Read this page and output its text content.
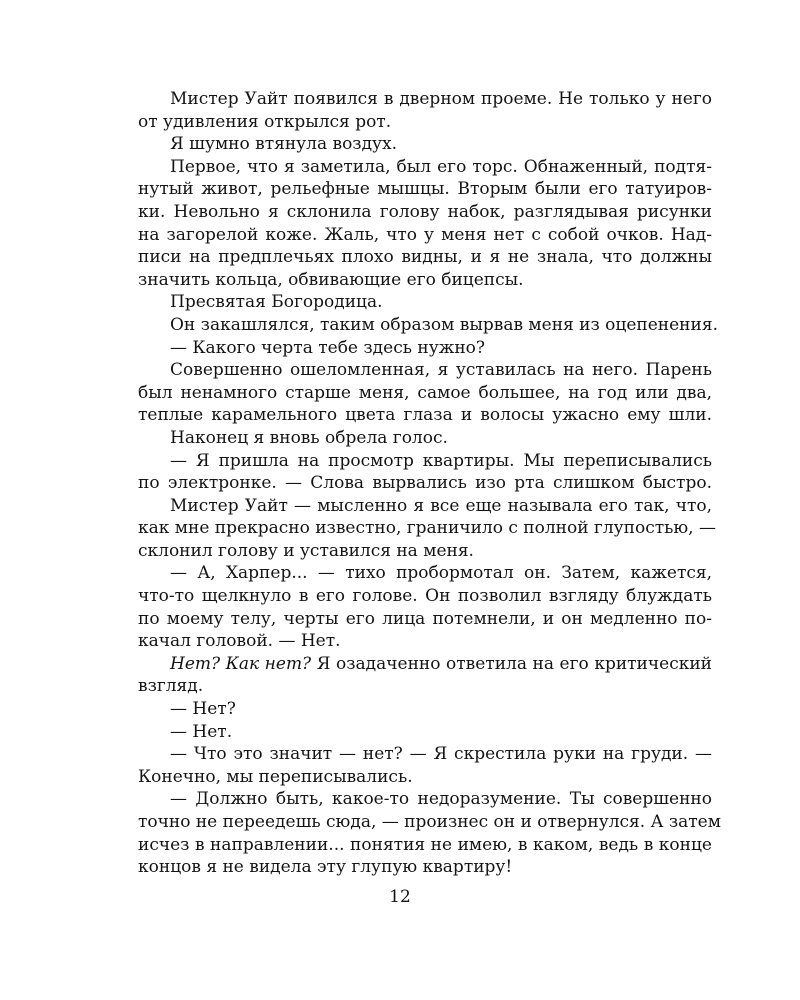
Мистер Уайт появился в дверном проеме. Не только у него
от удивления открылся рот.
Я шумно втянула воздух.
Первое, что я заметила, был его торс. Обнаженный, подтя-
нутый живот, рельефные мышцы. Вторым были его татуиров-
ки. Невольно я склонила голову набок, разглядывая рисунки
на загорелой коже. Жаль, что у меня нет с собой очков. Над-
писи на предплечьях плохо видны, и я не знала, что должны
значить кольца, обвивающие его бицепсы.
Пресвятая Богородица.
Он закашлялся, таким образом вырвав меня из оцепенения.
— Какого черта тебе здесь нужно?
Совершенно ошеломленная, я уставилась на него. Парень
был ненамного старше меня, самое большее, на год или два,
теплые карамельного цвета глаза и волосы ужасно ему шли.
Наконец я вновь обрела голос.
— Я пришла на просмотр квартиры. Мы переписывались
по электронке. — Слова вырвались изо рта слишком быстро.
Мистер Уайт — мысленно я все еще называла его так, что,
как мне прекрасно известно, граничило с полной глупостью, —
склонил голову и уставился на меня.
— А, Харпер... — тихо пробормотал он. Затем, кажется,
что-то щелкнуло в его голове. Он позволил взгляду блуждать
по моему телу, черты его лица потемнели, и он медленно по-
качал головой. — Нет.
Нет? Как нет? Я озадаченно ответила на его критический
взгляд.
— Нет?
— Нет.
— Что это значит — нет? — Я скрестила руки на груди. —
Конечно, мы переписывались.
— Должно быть, какое-то недоразумение. Ты совершенно
точно не переедешь сюда, — произнес он и отвернулся. А затем
исчез в направлении... понятия не имею, в каком, ведь в конце
концов я не видела эту глупую квартиру!
12
